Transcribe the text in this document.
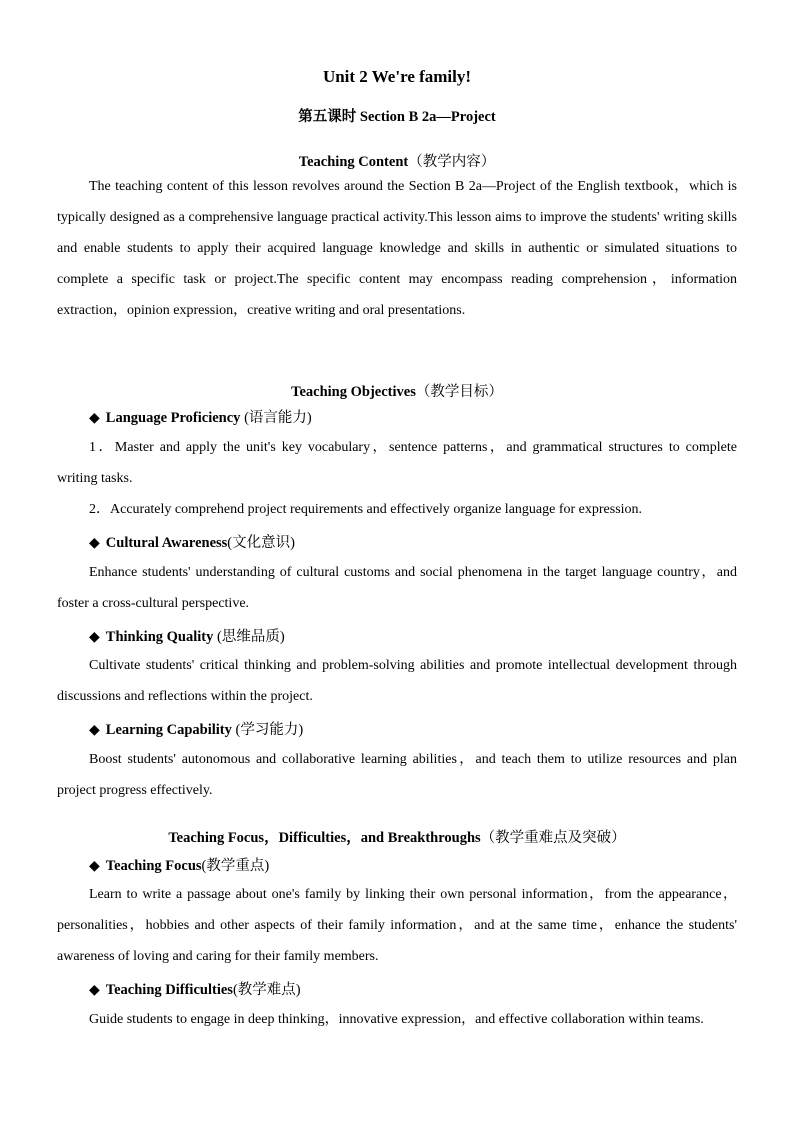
Unit 2 We're family!
第五课时 Section B 2a—Project
Teaching Content（教学内容）
The teaching content of this lesson revolves around the Section B 2a—Project of the English textbook，which is typically designed as a comprehensive language practical activity.This lesson aims to improve the students' writing skills and enable students to apply their acquired language knowledge and skills in authentic or simulated situations to complete a specific task or project.The specific content may encompass reading comprehension，information extraction，opinion expression，creative writing and oral presentations.
Teaching Objectives（教学目标）
◆ Language Proficiency (语言能力)
1．Master and apply the unit's key vocabulary，sentence patterns，and grammatical structures to complete writing tasks.
2．Accurately comprehend project requirements and effectively organize language for expression.
◆ Cultural Awareness(文化意识)
Enhance students' understanding of cultural customs and social phenomena in the target language country，and foster a cross‐cultural perspective.
◆ Thinking Quality (思维品质)
Cultivate students' critical thinking and problem‐solving abilities and promote intellectual development through discussions and reflections within the project.
◆ Learning Capability (学习能力)
Boost students' autonomous and collaborative learning abilities，and teach them to utilize resources and plan project progress effectively.
Teaching Focus，Difficulties，and Breakthroughs（教学重难点及突破）
◆ Teaching Focus(教学重点)
Learn to write a passage about one's family by linking their own personal information，from the appearance，personalities，hobbies and other aspects of their family information，and at the same time，enhance the students' awareness of loving and caring for their family members.
◆ Teaching Difficulties(教学难点)
Guide students to engage in deep thinking，innovative expression，and effective collaboration within teams.
